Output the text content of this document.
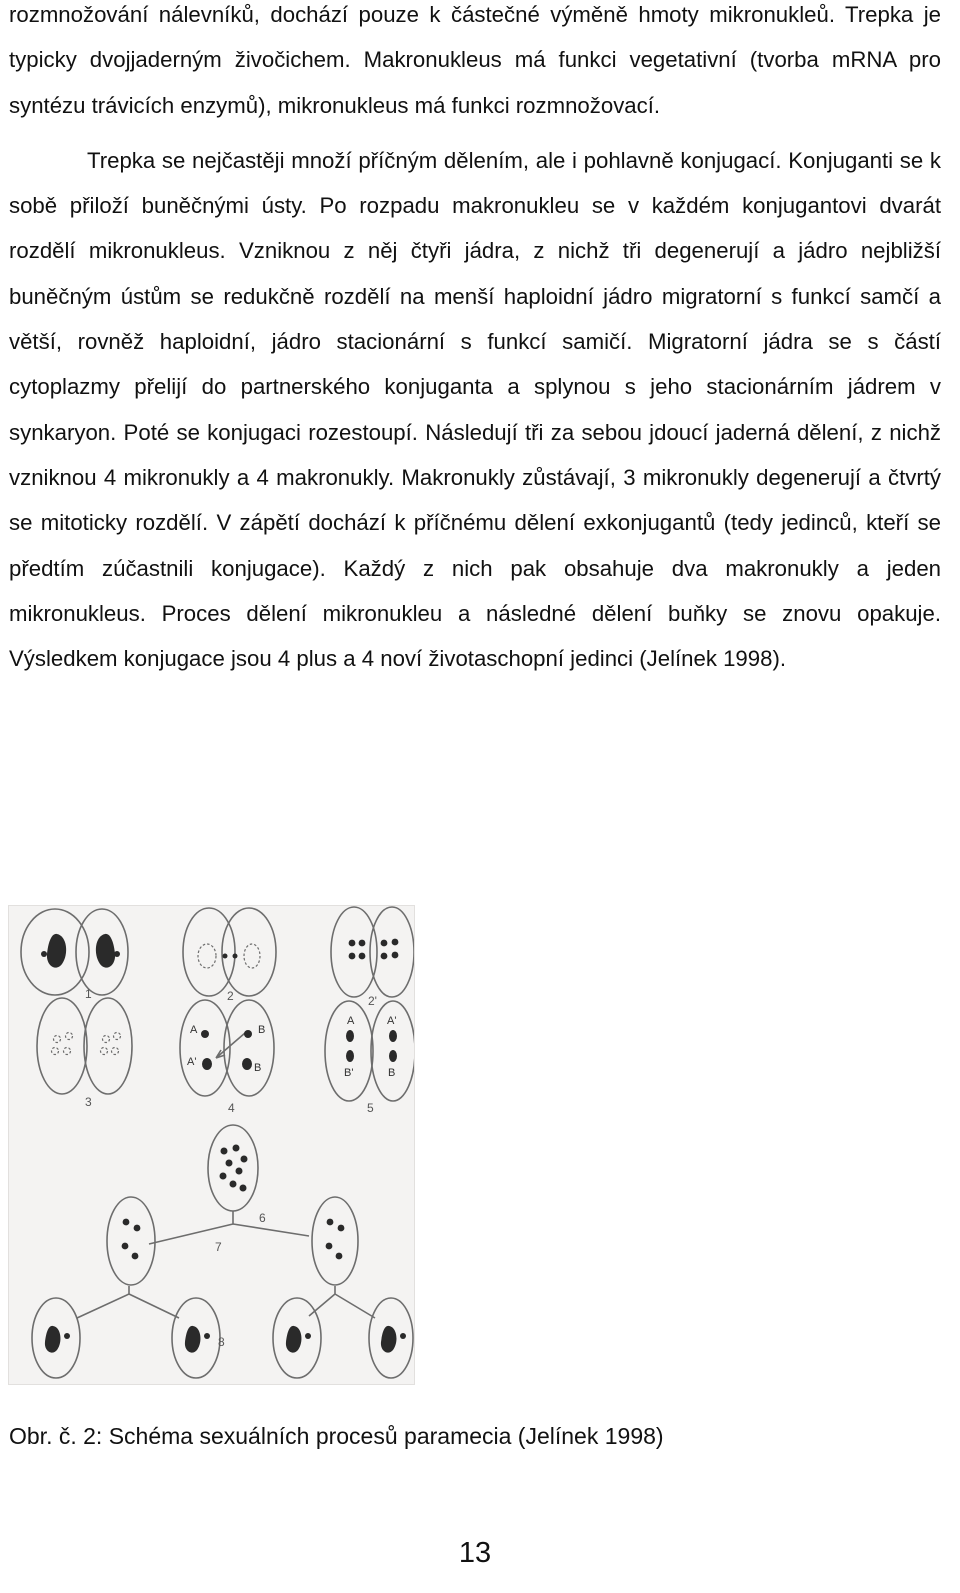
rozmnožování nálevníků, dochází pouze k částečné výměně hmoty mikronukleů. Trepka je typicky dvojjaderným živočichem. Makronukleus má funkci vegetativní (tvorba mRNA pro syntézu trávicích enzymů), mikronukleus má funkci rozmnožovací.

Trepka se nejčastěji množí příčným dělením, ale i pohlavně konjugací. Konjuganti se k sobě přiloží buněčnými ústy. Po rozpadu makronukleu se v každém konjugantovi dvarát rozdělí mikronukleus. Vzniknou z něj čtyři jádra, z nichž tři degenerují a jádro nejbližší buněčným ústům se redukčně rozdělí na menší haploidní jádro migratorní s funkcí samčí a větší, rovněž haploidní, jádro stacionární s funkcí samičí. Migratorní jádra se s částí cytoplazmy přelijí do partnerského konjuganta a splynou s jeho stacionárním jádrem v synkaryon. Poté se konjugaci rozestoupí. Následují tři za sebou jdoucí jaderná dělení, z nichž vzniknou 4 mikronukly a 4 makronukly. Makronukly zůstávají, 3 mikronukly degenerují a čtvrtý se mitoticky rozdělí. V zápětí dochází k příčnému dělení exkonjugantů (tedy jedinců, kteří se předtím zúčastnili konjugace). Každý z nich pak obsahuje dva makronukly a jeden mikronukleus. Proces dělení mikronukleu a následné dělení buňky se znovu opakuje. Výsledkem konjugace jsou 4 plus a 4 noví životaschopní jedinci (Jelínek 1998).

1	2	2'
3	4	5
6
7
8
A	B
A'	B
A	A'
B'	B
Obr. č. 2: Schéma sexuálních procesů paramecia (Jelínek 1998)
13
